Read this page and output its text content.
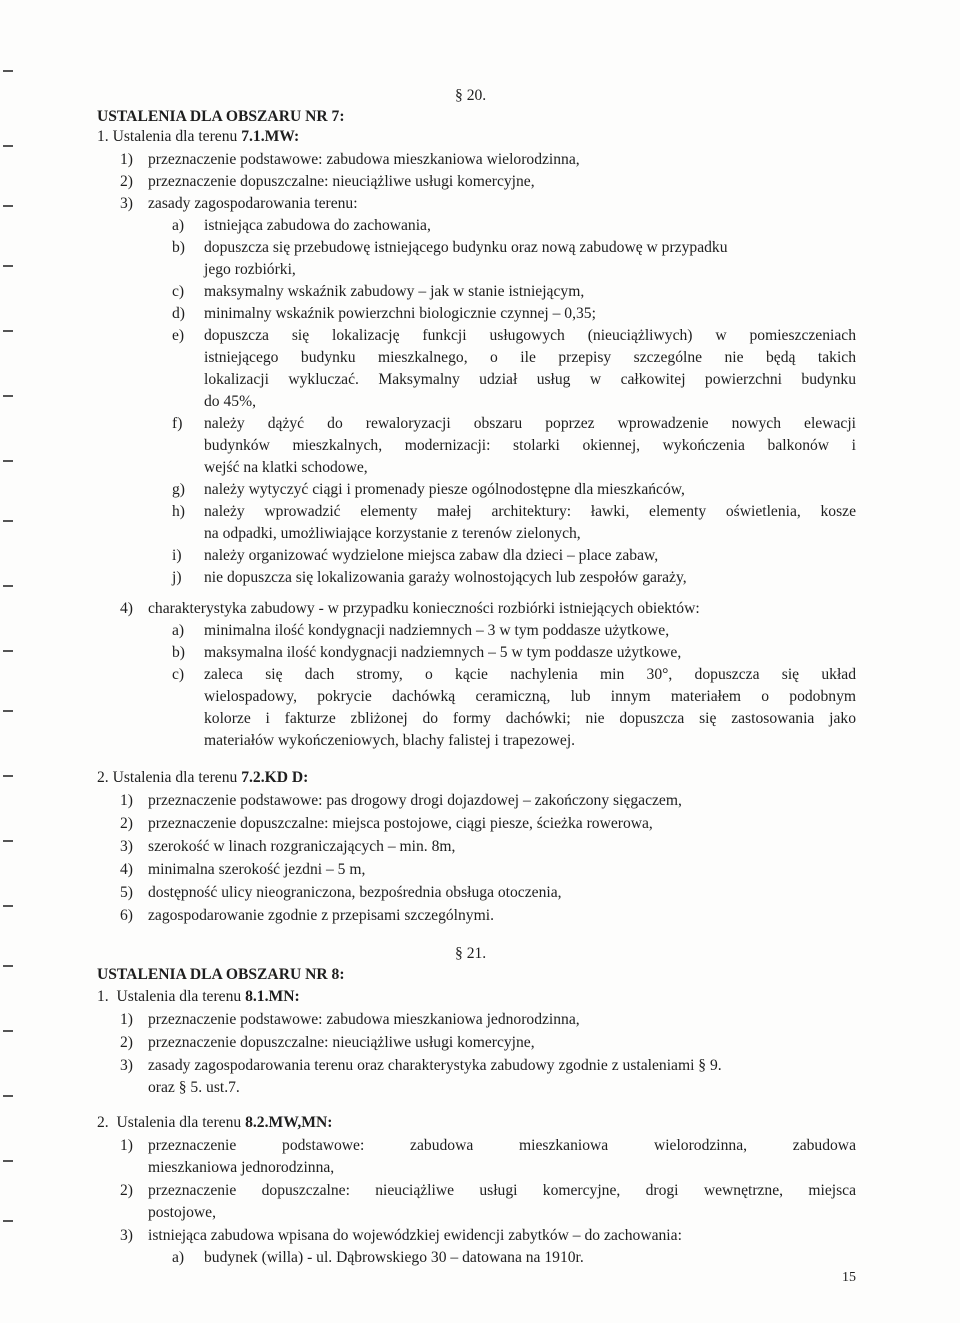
§ 20.
USTALENIA DLA OBSZARU NR 7:
1. Ustalenia dla terenu 7.1.MW:
1) przeznaczenie podstawowe: zabudowa mieszkaniowa wielorodzinna,
2) przeznaczenie dopuszczalne: nieuciążliwe usługi komercyjne,
3) zasady zagospodarowania terenu:
a) istniejąca zabudowa do zachowania,
b) dopuszcza się przebudowę istniejącego budynku oraz nową zabudowę w przypadku
jego rozbiórki,
c) maksymalny wskaźnik zabudowy – jak w stanie istniejącym,
d) minimalny wskaźnik powierzchni biologicznie czynnej – 0,35;
e) dopuszcza się lokalizację funkcji usługowych (nieuciążliwych) w pomieszczeniach
istniejącego budynku mieszkalnego, o ile przepisy szczególne nie będą takich
lokalizacji wykluczać. Maksymalny udział usług w całkowitej powierzchni budynku
do 45%,
f) należy dążyć do rewaloryzacji obszaru poprzez wprowadzenie nowych elewacji
budynków mieszkalnych, modernizacji: stolarki okiennej, wykończenia balkonów i
wejść na klatki schodowe,
g) należy wytyczyć ciągi i promenady piesze ogólnodostępne dla mieszkańców,
h) należy wprowadzić elementy małej architektury: ławki, elementy oświetlenia, kosze
na odpadki, umożliwiające korzystanie z terenów zielonych,
i) należy organizować wydzielone miejsca zabaw dla dzieci – place zabaw,
j) nie dopuszcza się lokalizowania garaży wolnostojących lub zespołów garaży,
4) charakterystyka zabudowy - w przypadku konieczności rozbiórki istniejących obiektów:
a) minimalna ilość kondygnacji nadziemnych – 3 w tym poddasze użytkowe,
b) maksymalna ilość kondygnacji nadziemnych – 5 w tym poddasze użytkowe,
c) zaleca się dach stromy, o kącie nachylenia min 30°, dopuszcza się układ
wielospadowy, pokrycie dachówką ceramiczną, lub innym materiałem o podobnym
kolorze i fakturze zbliżonej do formy dachówki; nie dopuszcza się zastosowania jako
materiałów wykończeniowych, blachy falistej i trapezowej.
2. Ustalenia dla terenu 7.2.KD D:
1) przeznaczenie podstawowe: pas drogowy drogi dojazdowej – zakończony sięgaczem,
2) przeznaczenie dopuszczalne: miejsca postojowe, ciągi piesze, ścieżka rowerowa,
3) szerokość w linach rozgraniczających – min. 8m,
4) minimalna szerokość jezdni – 5 m,
5) dostępność ulicy nieograniczona, bezpośrednia obsługa otoczenia,
6) zagospodarowanie zgodnie z przepisami szczególnymi.
§ 21.
USTALENIA DLA OBSZARU NR 8:
1.  Ustalenia dla terenu 8.1.MN:
1) przeznaczenie podstawowe: zabudowa mieszkaniowa jednorodzinna,
2) przeznaczenie dopuszczalne: nieuciążliwe usługi komercyjne,
3) zasady zagospodarowania terenu oraz charakterystyka zabudowy zgodnie z ustaleniami § 9.
oraz § 5. ust.7.
2.  Ustalenia dla terenu 8.2.MW,MN:
1) przeznaczenie podstawowe: zabudowa mieszkaniowa wielorodzinna, zabudowa
mieszkaniowa jednorodzinna,
2) przeznaczenie dopuszczalne: nieuciążliwe usługi komercyjne, drogi wewnętrzne, miejsca
postojowe,
3) istniejąca zabudowa wpisana do wojewódzkiej ewidencji zabytków – do zachowania:
a) budynek (willa) - ul. Dąbrowskiego 30 – datowana na 1910r.
15
